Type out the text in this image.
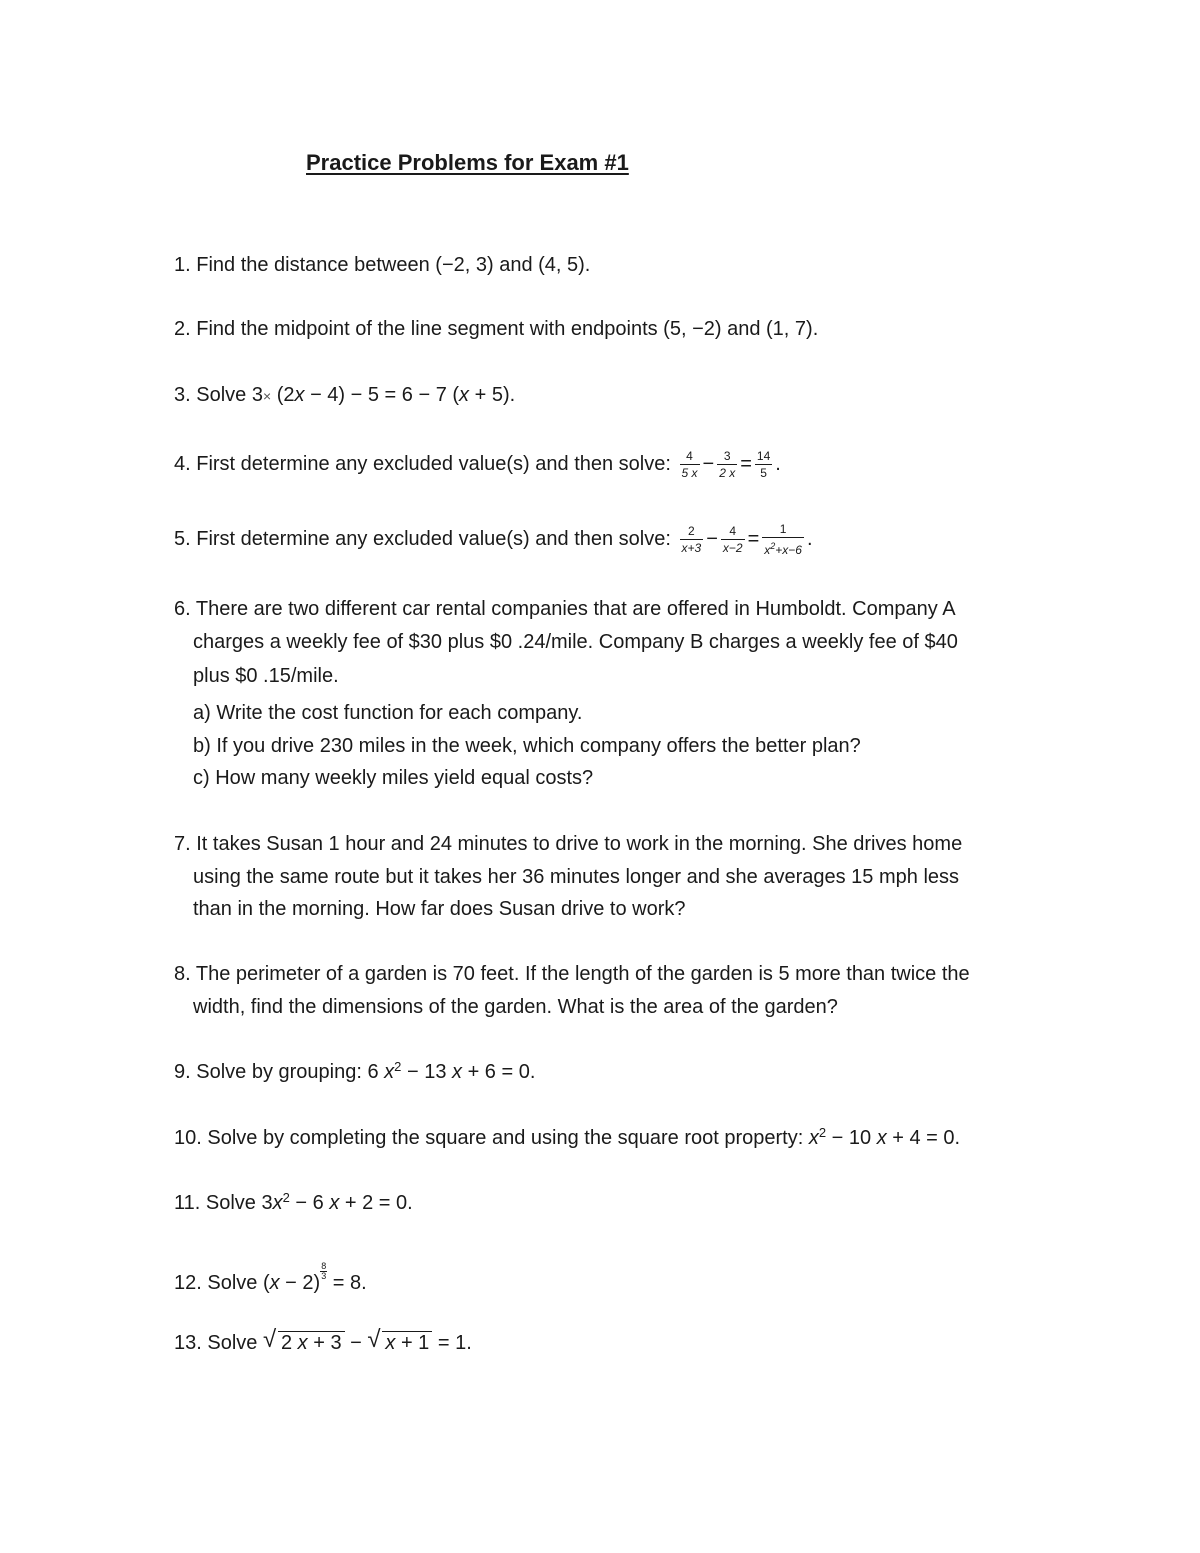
Practice Problems for Exam #1
1. Find the distance between (−2, 3) and (4, 5).
2. Find the midpoint of the line segment with endpoints (5, −2) and (1, 7).
3. Solve 3× (2x − 4) − 5 = 6 − 7 (x + 5).
4. First determine any excluded value(s) and then solve: $\frac{4}{5 x} - \frac{3}{2 x} = \frac{14}{5}$ .
5. First determine any excluded value(s) and then solve: $\frac{2}{x+3} - \frac{4}{x-2} = \frac{1}{x^2+x-6}$ .
6. There are two different car rental companies that are offered in Humboldt. Company A
charges a weekly fee of $30 plus $0 .24/mile. Company B charges a weekly fee of $40
plus $0 .15/mile.
a) Write the cost function for each company.
b) If you drive 230 miles in the week, which company offers the better plan?
c) How many weekly miles yield equal costs?
7. It takes Susan 1 hour and 24 minutes to drive to work in the morning. She drives home
using the same route but it takes her 36 minutes longer and she averages 15 mph less
than in the morning. How far does Susan drive to work?
8. The perimeter of a garden is 70 feet. If the length of the garden is 5 more than twice the
width, find the dimensions of the garden. What is the area of the garden?
9. Solve by grouping: 6 $x^2 - 13$ x + 6 = 0.
10. Solve by completing the square and using the square root property: $x^2 - 10$ x + 4 = 0.
11. Solve $3x^2 - 6$ x + 2 = 0.
12. Solve (x − 2)
$\frac{8}{3}$
= 8.
13. Solve √ 2 x + 3 − √ x + 1 = 1.
